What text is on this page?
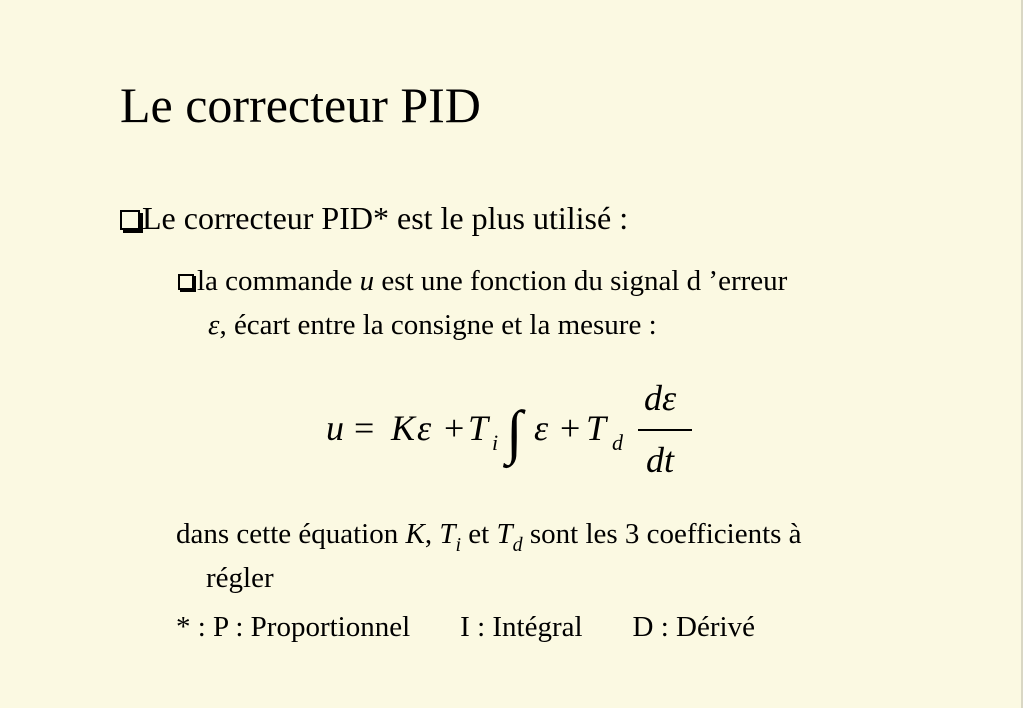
Le correcteur PID
Le correcteur PID* est le plus utilisé :
la commande u est une fonction du signal d ’erreur
ε, écart entre la consigne et la mesure :
u = K ε + T i ∫ ε + T d
dε
dt
dans cette équation K, $T_i$ et $T_d$ sont les 3 coefficients à
régler
* : P : Proportionnel I : Intégral D : Dérivé
